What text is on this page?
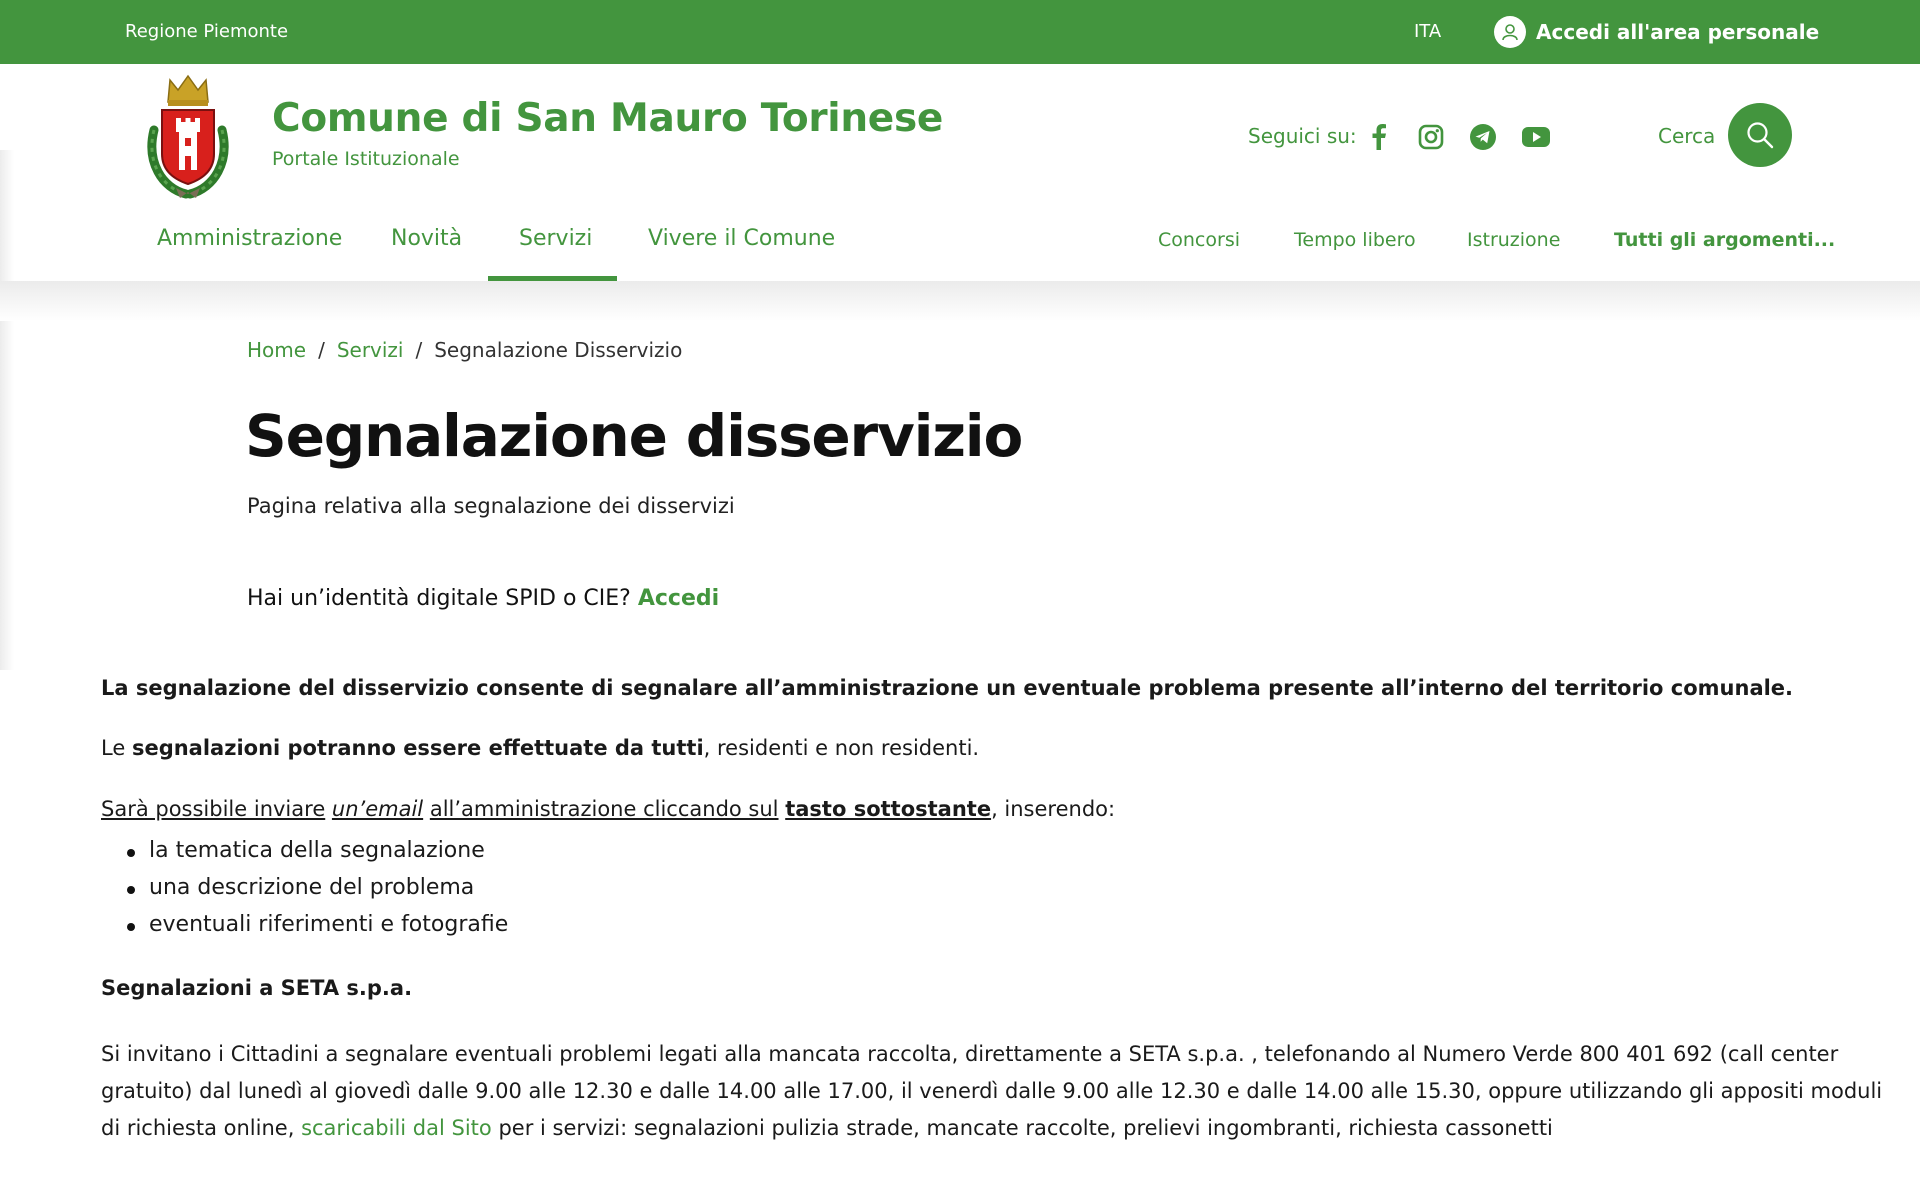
Regione Piemonte	ITA	Accedi all'area personale
Comune di San Mauro Torinese
Portale Istituzionale
Seguici su:	Cerca
Amministrazione Novità	Servizi	Vivere il Comune	Concorsi	Tempo libero	Istruzione	Tutti gli argomenti...
Home / Servizi / Segnalazione Disservizio
Segnalazione disservizio

Pagina relativa alla segnalazione dei disservizi

Hai un’identità digitale SPID o CIE? Accedi

La segnalazione del disservizio consente di segnalare all’amministrazione un eventuale problema presente all’interno del territorio comunale.

Le segnalazioni potranno essere effettuate da tutti, residenti e non residenti.

Sarà possibile inviare un’email all’amministrazione cliccando sul tasto sottostante, inserendo:

la tematica della segnalazione
una descrizione del problema
eventuali riferimenti e fotografie

Segnalazioni a SETA s.p.a.

Si invitano i Cittadini a segnalare eventuali problemi legati alla mancata raccolta, direttamente a SETA s.p.a. , telefonando al Numero Verde 800 401 692 (call center gratuito) dal lunedì al giovedì dalle 9.00 alle 12.30 e dalle 14.00 alle 17.00, il venerdì dalle 9.00 alle 12.30 e dalle 14.00 alle 15.30, oppure utilizzando gli appositi moduli di richiesta online, scaricabili dal Sito per i servizi: segnalazioni pulizia strade, mancate raccolte, prelievi ingombranti, richiesta cassonetti
